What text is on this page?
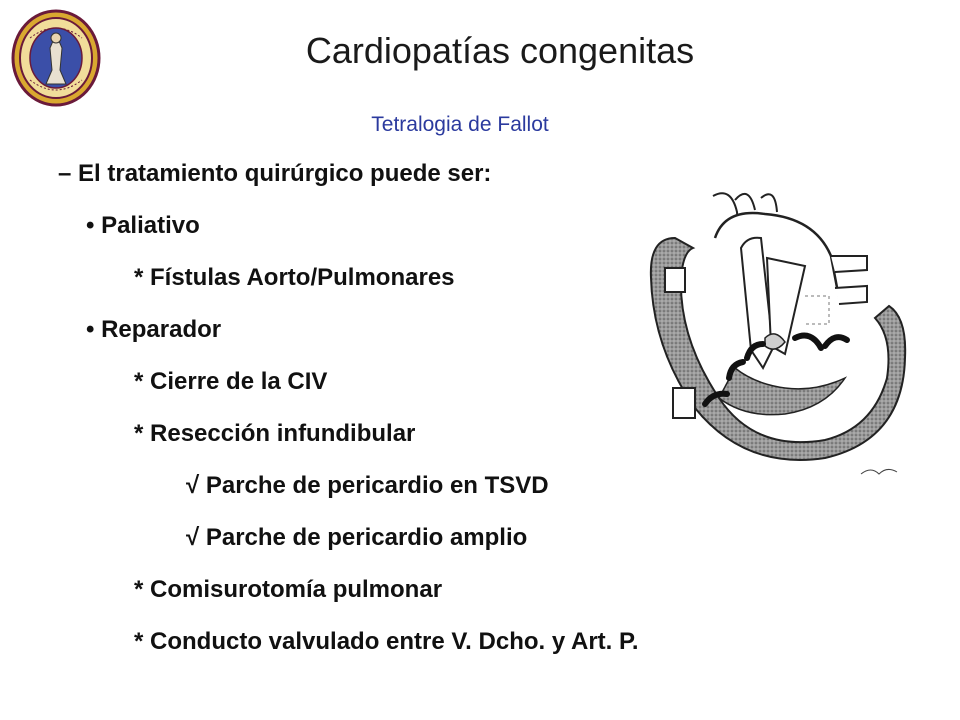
Cardiopatías congenitas
Tetralogia de Fallot
– El tratamiento quirúrgico puede ser:
• Paliativo
* Fístulas Aorto/Pulmonares
• Reparador
* Cierre de la CIV
* Resección infundibular
√ Parche de pericardio en TSVD
√ Parche de pericardio amplio
* Comisurotomía pulmonar
* Conducto valvulado entre V. Dcho. y Art. P.
